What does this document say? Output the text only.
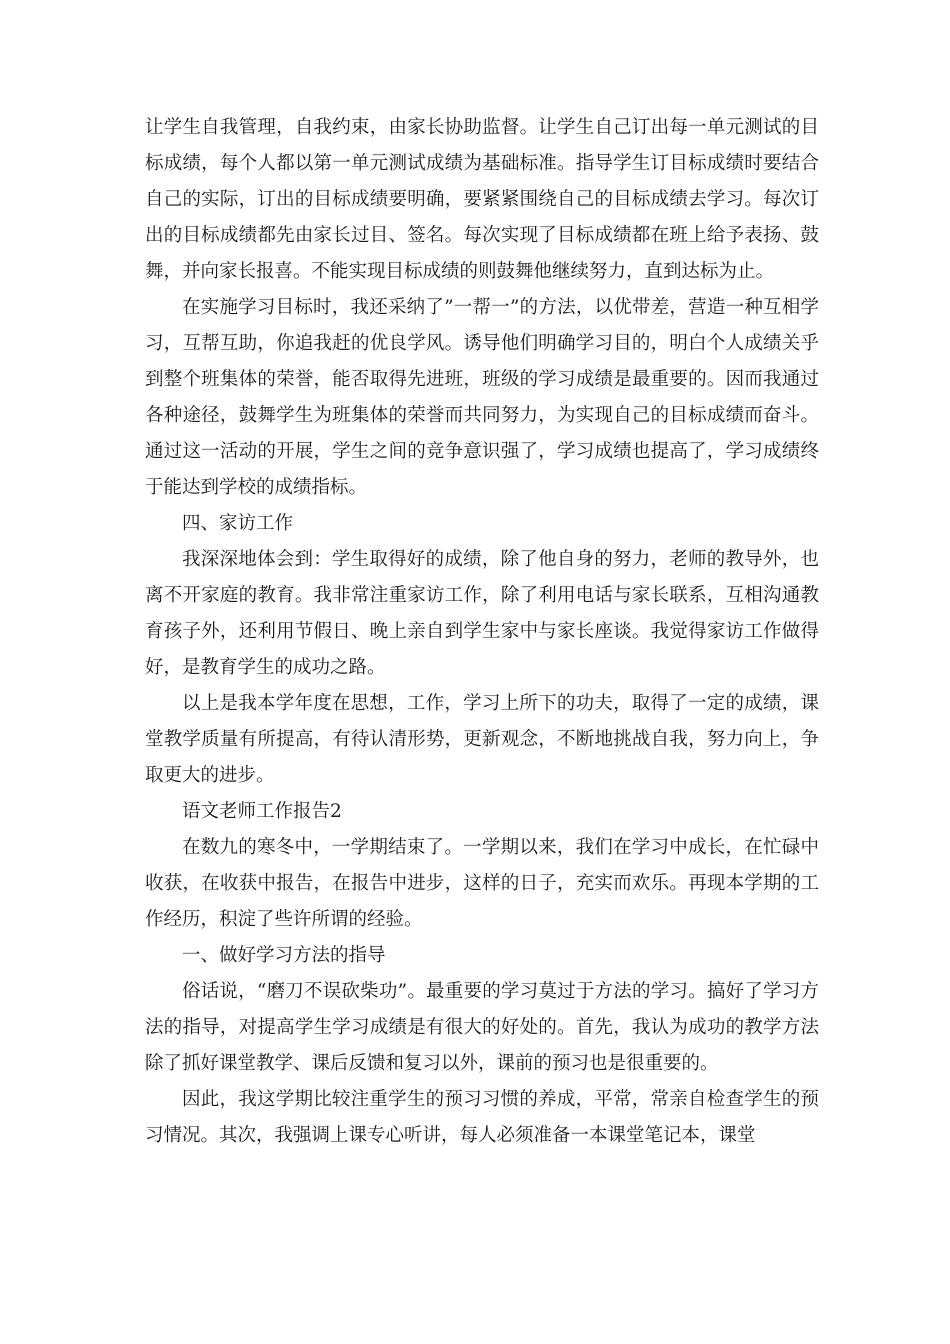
让学生自我管理，自我约束，由家长协助监督。让学生自己订出每一单元测试的目标成绩，每个人都以第一单元测试成绩为基础标准。指导学生订目标成绩时要结合自己的实际，订出的目标成绩要明确，要紧紧围绕自己的目标成绩去学习。每次订出的目标成绩都先由家长过目、签名。每次实现了目标成绩都在班上给予表扬、鼓舞，并向家长报喜。不能实现目标成绩的则鼓舞他继续努力，直到达标为止。

在实施学习目标时，我还采纳了”一帮一”的方法，以优带差，营造一种互相学习，互帮互助，你追我赶的优良学风。诱导他们明确学习目的，明白个人成绩关乎到整个班集体的荣誉，能否取得先进班，班级的学习成绩是最重要的。因而我通过各种途径，鼓舞学生为班集体的荣誉而共同努力，为实现自己的目标成绩而奋斗。通过这一活动的开展，学生之间的竞争意识强了，学习成绩也提高了，学习成绩终于能达到学校的成绩指标。

四、家访工作

我深深地体会到：学生取得好的成绩，除了他自身的努力，老师的教导外，也离不开家庭的教育。我非常注重家访工作，除了利用电话与家长联系，互相沟通教育孩子外，还利用节假日、晚上亲自到学生家中与家长座谈。我觉得家访工作做得好，是教育学生的成功之路。

以上是我本学年度在思想，工作，学习上所下的功夫，取得了一定的成绩，课堂教学质量有所提高，有待认清形势，更新观念，不断地挑战自我，努力向上，争取更大的进步。

语文老师工作报告2

在数九的寒冬中，一学期结束了。一学期以来，我们在学习中成长，在忙碌中收获，在收获中报告，在报告中进步，这样的日子，充实而欢乐。再现本学期的工作经历，积淀了些许所谓的经验。

一、做好学习方法的指导

俗话说，“磨刀不误砍柴功”。最重要的学习莫过于方法的学习。搞好了学习方法的指导，对提高学生学习成绩是有很大的好处的。首先，我认为成功的教学方法除了抓好课堂教学、课后反馈和复习以外，课前的预习也是很重要的。

因此，我这学期比较注重学生的预习习惯的养成，平常，常亲自检查学生的预习情况。其次，我强调上课专心听讲，每人必须准备一本课堂笔记本，课堂
